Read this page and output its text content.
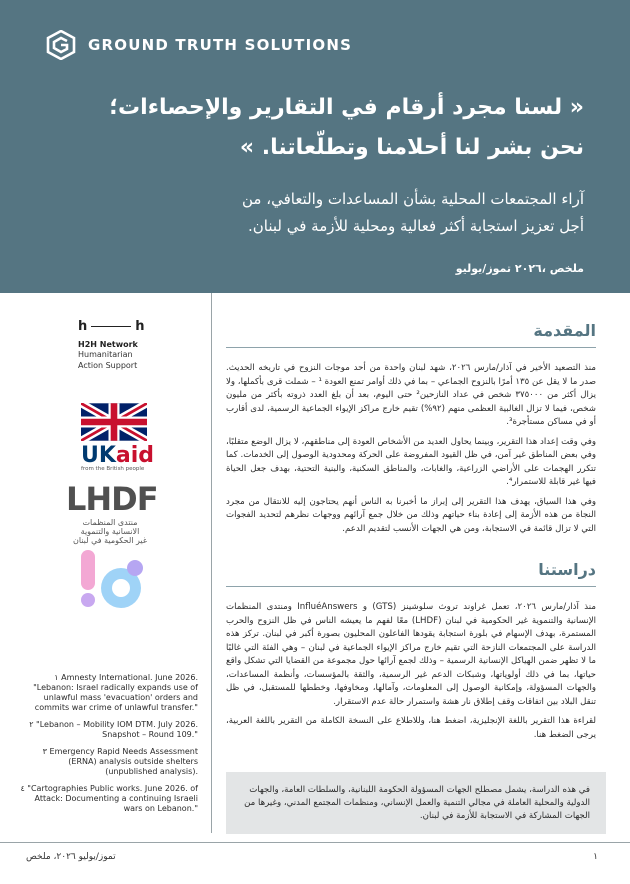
GROUND TRUTH SOLUTIONS
« لسنا مجرد أرقام في التقارير والإحصاءات؛
نحن بشر لنا أحلامنا وتطلّعاتنا. »
آراء المجتمعات المحلية بشأن المساعدات والتعافي، من
أجل تعزيز استجابة أكثر فعالية ومحلية للأزمة في لبنان.
ملخص ،٢٠٢٦ تموز/يوليو
h	h
H2H Network
Humanitarian
Action Support
UKaid
from the British people
LHDF
منتدى المنظمات
الانسانية والتنموية
غير الحكومية في لبنان
١ Amnesty International. June 2026. "Lebanon: Israel radically expands use of unlawful mass 'evacuation' orders and commits war crime of unlawful transfer."
٢ "Lebanon – Mobility IOM DTM. July 2026. Snapshot – Round 109."
٣ Emergency Rapid Needs Assessment (ERNA) analysis outside shelters (unpublished analysis).
٤ "Cartographies Public works. June 2026. of Attack: Documenting a continuing Israeli wars on Lebanon."
المقدمة

منذ التصعيد الأخير في آذار/مارس ٢٠٢٦، شهد لبنان واحدة من أحد موجات النزوح في تاريخه الحديث. صدر ما لا يقل عن ١٣٥ أمرًا بالنزوح الجماعي – بما في ذلك أوامر تمنع العودة ¹ – شملت قرى بأكملها، ولا يزال أكثر من ٣٧٥٠٠٠ شخص في عداد النازحين² حتى اليوم، بعد أن بلغ العدد ذروته بأكثر من مليون شخص، فيما لا تزال الغالبية العظمى منهم (٩٢%) تقيم خارج مراكز الإيواء الجماعية الرسمية، لدى أقارب أو في مساكن مستأجرة³.

وفي وقت إعداد هذا التقرير، وبينما يحاول العديد من الأشخاص العودة إلى مناطقهم، لا يزال الوضع متقلبًا، وفي بعض المناطق غير آمن، في ظل القيود المفروضة على الحركة ومحدودية الوصول إلى الخدمات. كما تتكرر الهجمات على الأراضي الزراعية، والغابات، والمناطق السكنية، والبنية التحتية، بهدف جعل الحياة فيها غير قابلة للاستمرار⁴.

وفي هذا السياق، يهدف هذا التقرير إلى إبراز ما أخبرنا به الناس أنهم يحتاجون إليه للانتقال من مجرد النجاة من هذه الأزمة إلى إعادة بناء حياتهم وذلك من خلال جمع آرائهم ووجهات نظرهم لتحديد الفجوات التي لا تزال قائمة في الاستجابة، ومن هي الجهات الأنسب لتقديم الدعم.

دراستنا

منذ آذار/مارس ٢٠٢٦، تعمل غراوند تروث سلوشينز (GTS) و InfluéAnswers ومنتدى المنظمات الإنسانية والتنموية غير الحكومية في لبنان (LHDF) معًا لفهم ما يعيشه الناس في ظل النزوح والحرب المستمرة، بهدف الإسهام في بلورة استجابة يقودها الفاعلون المحليون بصورة أكبر في لبنان. تركز هذه الدراسة على المجتمعات النازحة التي تقيم خارج مراكز الإيواء الجماعية في لبنان – وهي الفئة التي غالبًا ما لا تظهر ضمن الهياكل الإنسانية الرسمية – وذلك لجمع آرائها حول مجموعة من القضايا التي تشكل واقع حياتها، بما في ذلك أولوياتها، وشبكات الدعم غير الرسمية، والثقة بالمؤسسات، وأنظمة المساعدات، والجهات المسؤولة، وإمكانية الوصول إلى المعلومات، وآمالها، ومخاوفها، وخططها للمستقبل، في ظل تنقل البلاد بين اتفاقات وقف إطلاق نار هشة واستمرار حالة عدم الاستقرار.

لقراءة هذا التقرير باللغة الإنجليزية، اضغط هنا، وللاطلاع على النسخة الكاملة من التقرير باللغة العربية، يرجى الضغط هنا.

في هذه الدراسة، يشمل مصطلح الجهات المسؤولة الحكومة اللبنانية، والسلطات العامة، والجهات الدولية والمحلية العاملة في مجالي التنمية والعمل الإنساني، ومنظمات المجتمع المدني، وغيرها من الجهات المشاركة في الاستجابة للأزمة في لبنان.
تموز/يوليو ٢٠٢٦، ملخص	١
